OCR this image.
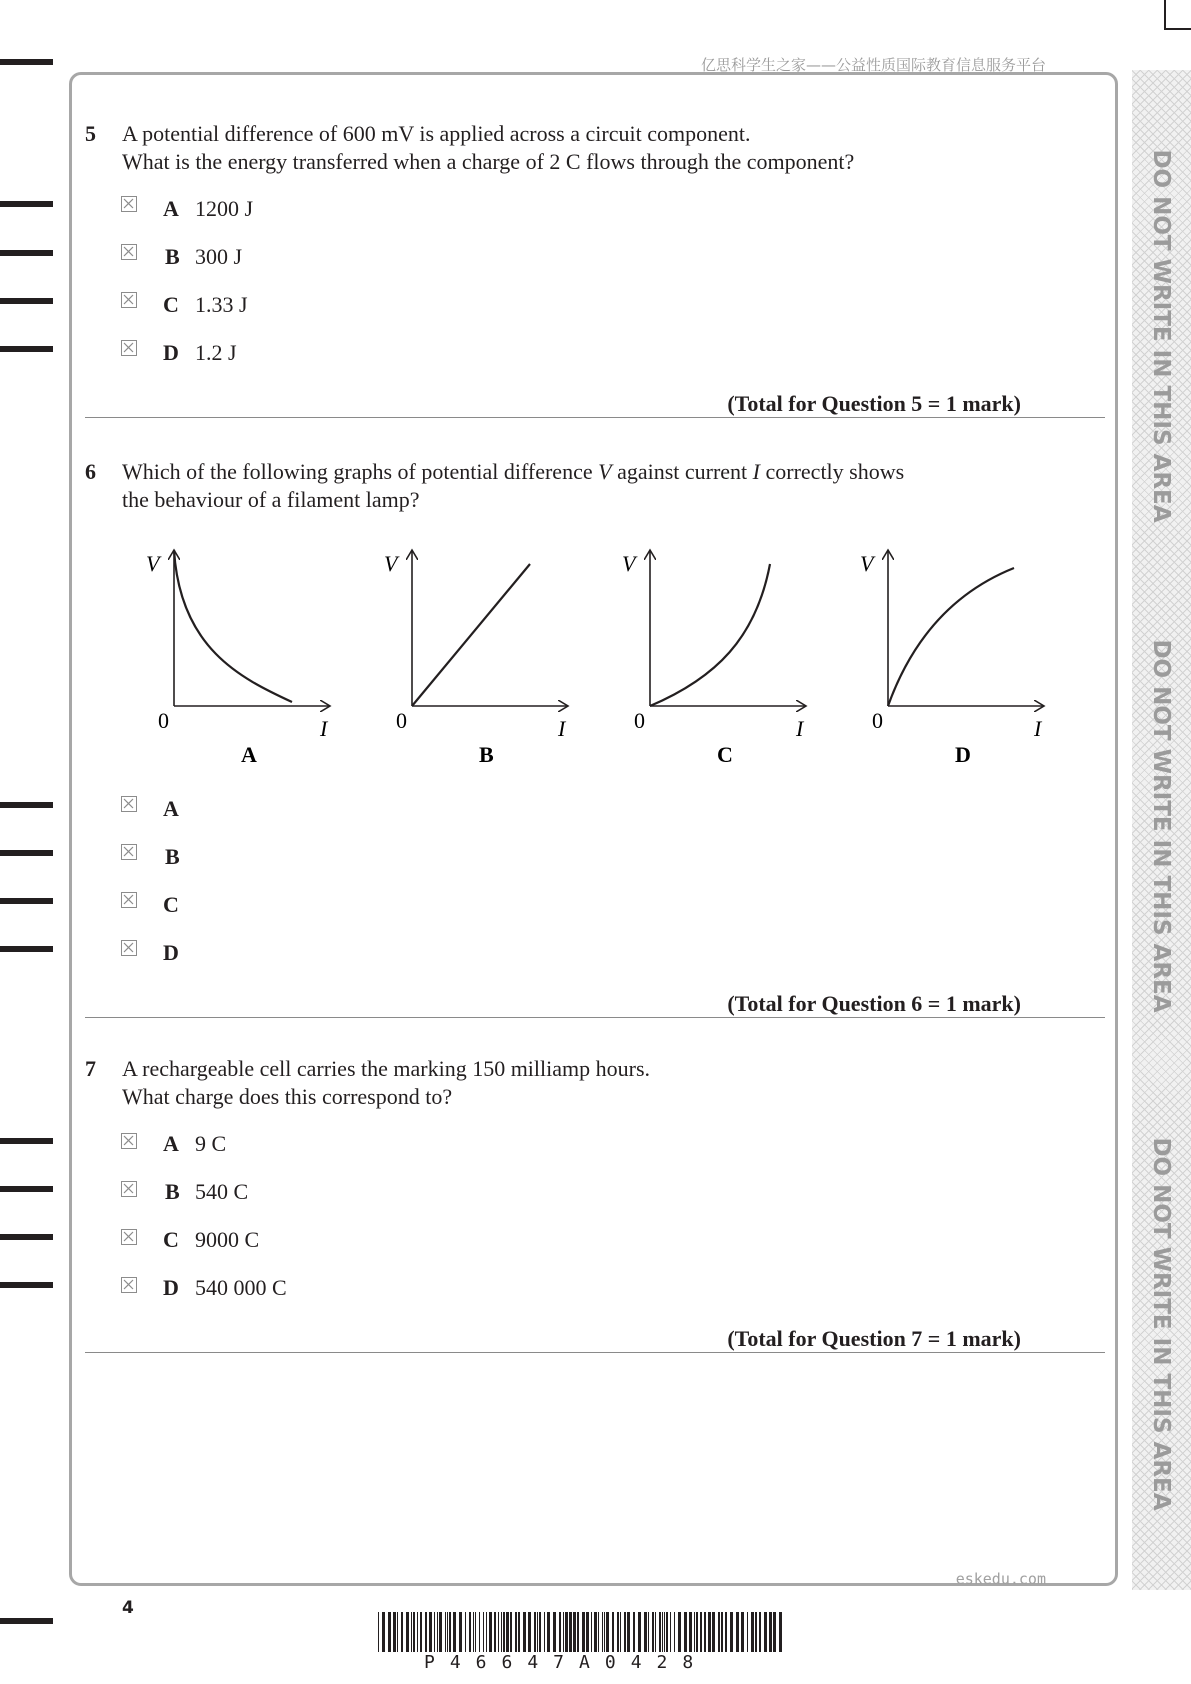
亿思科学生之家——公益性质国际教育信息服务平台
DO NOT WRITE IN THIS AREA
DO NOT WRITE IN THIS AREA
DO NOT WRITE IN THIS AREA
5 A potential difference of 600 mV is applied across a circuit component.
What is the energy transferred when a charge of 2 C flows through the component?
A 1200 J
B 300 J
C 1.33 J
D 1.2 J
(Total for Question 5 = 1 mark)
6 Which of the following graphs of potential difference V against current I correctly shows
the behaviour of a filament lamp?
V
0	I
A
V
0	I
B
V
0	I
C
V
0	I
D
A
B
C
D
(Total for Question 6 = 1 mark)
7 A rechargeable cell carries the marking 150 milliamp hours.
What charge does this correspond to?
A 9 C
B 540 C
C 9000 C
D 540 000 C
(Total for Question 7 = 1 mark)
eskedu.com
4
P46647A0428
